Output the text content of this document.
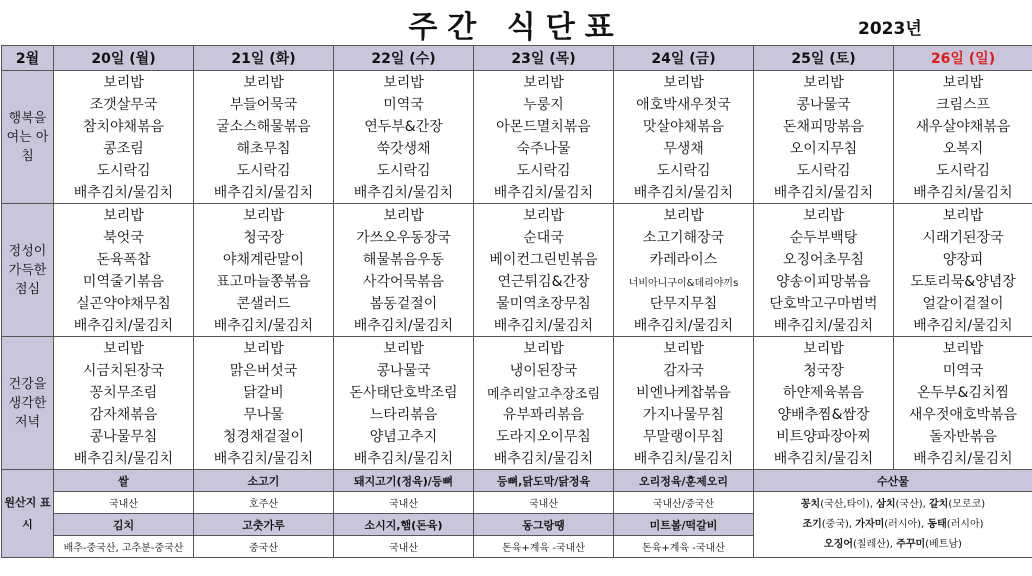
주간 식단표	2023년
2월	20일 (월)	21일 (화)	22일 (수)	23일 (목)	24일 (금)	25일 (토)	26일 (일)
행복을 여는 아침	보리밥	보리밥	보리밥	보리밥	보리밥	보리밥	보리밥
	조갯살무국	부들어묵국	미역국	누룽지	애호박새우젓국	콩나물국	크림스프
	참치야채볶음	굴소스해물볶음	연두부&간장	아몬드멸치볶음	맛살야채볶음	돈채피망볶음	새우살야채볶음
	콩조림	해초무침	쑥갓생채	숙주나물	무생채	오이지무침	오복지
	도시락김	도시락김	도시락김	도시락김	도시락김	도시락김	도시락김
	배추김치/물김치	배추김치/물김치	배추김치/물김치	배추김치/물김치	배추김치/물김치	배추김치/물김치	배추김치/물김치
정성이 가득한 점심	보리밥	보리밥	보리밥	보리밥	보리밥	보리밥	보리밥
	북엇국	청국장	가쓰오우동장국	순대국	소고기해장국	순두부백탕	시래기된장국
	돈육폭찹	야채계란말이	해물볶음우동	베이컨그린빈볶음	카레라이스	오징어초무침	양장피
	미역줄기볶음	표고마늘쫑볶음	사각어묵볶음	연근튀김&간장	너비아니구이&데리야끼s	양송이피망볶음	도토리묵&양념장
	실곤약야채무침	콘샐러드	봄동겉절이	물미역초장무침	단무지무침	단호박고구마범벅	얼갈이겉절이
	배추김치/물김치	배추김치/물김치	배추김치/물김치	배추김치/물김치	배추김치/물김치	배추김치/물김치	배추김치/물김치
건강을 생각한 저녁	보리밥	보리밥	보리밥	보리밥	보리밥	보리밥	보리밥
	시금치된장국	맑은버섯국	콩나물국	냉이된장국	감자국	청국장	미역국
	꽁치무조림	닭갈비	돈사태단호박조림	메추리알고추장조림	비엔나케찹볶음	하얀제육볶음	온두부&김치찜
	감자채볶음	무나물	느타리볶음	유부꽈리볶음	가지나물무침	양배추찜&쌈장	새우젓애호박볶음
	콩나물무침	청경채겉절이	양념고추지	도라지오이무침	무말랭이무침	비트양파장아찌	돌자반볶음
	배추김치/물김치	배추김치/물김치	배추김치/물김치	배추김치/물김치	배추김치/물김치	배추김치/물김치	배추김치/물김치
원산지 표시	쌀	소고기	돼지고기(정육)/등뼈	등뼈,닭도막/닭정육	오리정육/훈제오리	수산물	
	국내산	호주산	국내산	국내산	국내산/중국산	꽁치(국산,타이), 삼치(국산), 갈치(모로코)
조기(중국), 가자미(러시아), 동태(러시아)
오징어(칠레산), 주꾸미(베트남)	

	김치	고춧가루	소시지,햄(돈육)	동그랑땡	미트볼/떡갈비		
	배추-중국산, 고추분-중국산	중국산	국내산	돈육+계육 -국내산	돈육+계육 -국내산		
